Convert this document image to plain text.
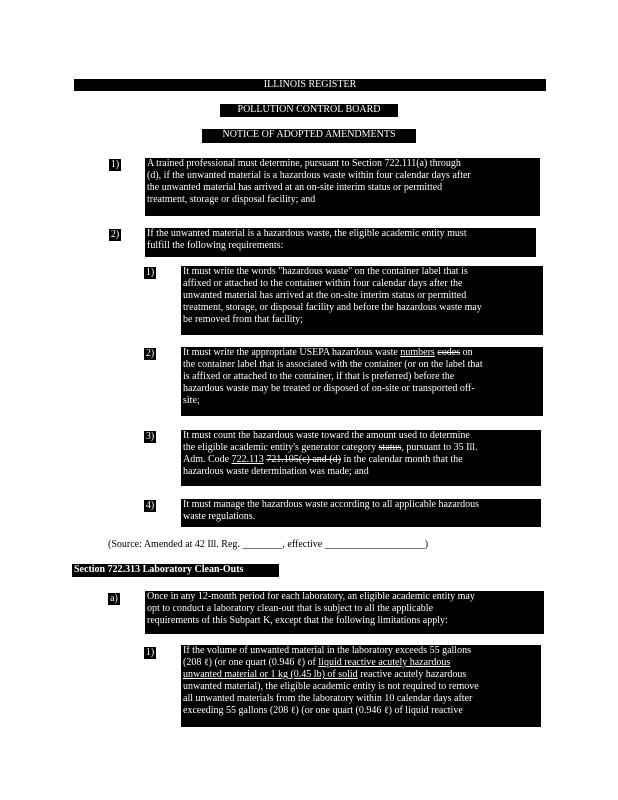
ILLINOIS REGISTER
POLLUTION CONTROL BOARD
NOTICE OF ADOPTED AMENDMENTS
1)	A trained professional must determine, pursuant to Section 722.111(a) through
(d), if the unwanted material is a hazardous waste within four calendar days after
the unwanted material has arrived at an on-site interim status or permitted
treatment, storage or disposal facility; and
2)	If the unwanted material is a hazardous waste, the eligible academic entity must
fulfill the following requirements:
1)	It must write the words "hazardous waste" on the container label that is
affixed or attached to the container within four calendar days after the
unwanted material has arrived at the on-site interim status or permitted
treatment, storage, or disposal facility and before the hazardous waste may
be removed from that facility;
2)	It must write the appropriate USEPA hazardous waste numbers codes on
the container label that is associated with the container (or on the label that
is affixed or attached to the container, if that is preferred) before the
hazardous waste may be treated or disposed of on-site or transported off-
site;
3)	It must count the hazardous waste toward the amount used to determine
the eligible academic entity's generator category status, pursuant to 35 Ill.
Adm. Code 722.113 721.105(c) and (d) in the calendar month that the
hazardous waste determination was made; and
4)	It must manage the hazardous waste according to all applicable hazardous
waste regulations.
(Source: Amended at 42 Ill. Reg. ________, effective ____________________)
Section 722.313 Laboratory Clean-Outs
a)	Once in any 12-month period for each laboratory, an eligible academic entity may
opt to conduct a laboratory clean-out that is subject to all the applicable
requirements of this Subpart K, except that the following limitations apply:
1)	If the volume of unwanted material in the laboratory exceeds 55 gallons
(208 ℓ) (or one quart (0.946 ℓ) of liquid reactive acutely hazardous
unwanted material or 1 kg (0.45 lb) of solid reactive acutely hazardous
unwanted material), the eligible academic entity is not required to remove
all unwanted materials from the laboratory within 10 calendar days after
exceeding 55 gallons (208 ℓ) (or one quart (0.946 ℓ) of liquid reactive
